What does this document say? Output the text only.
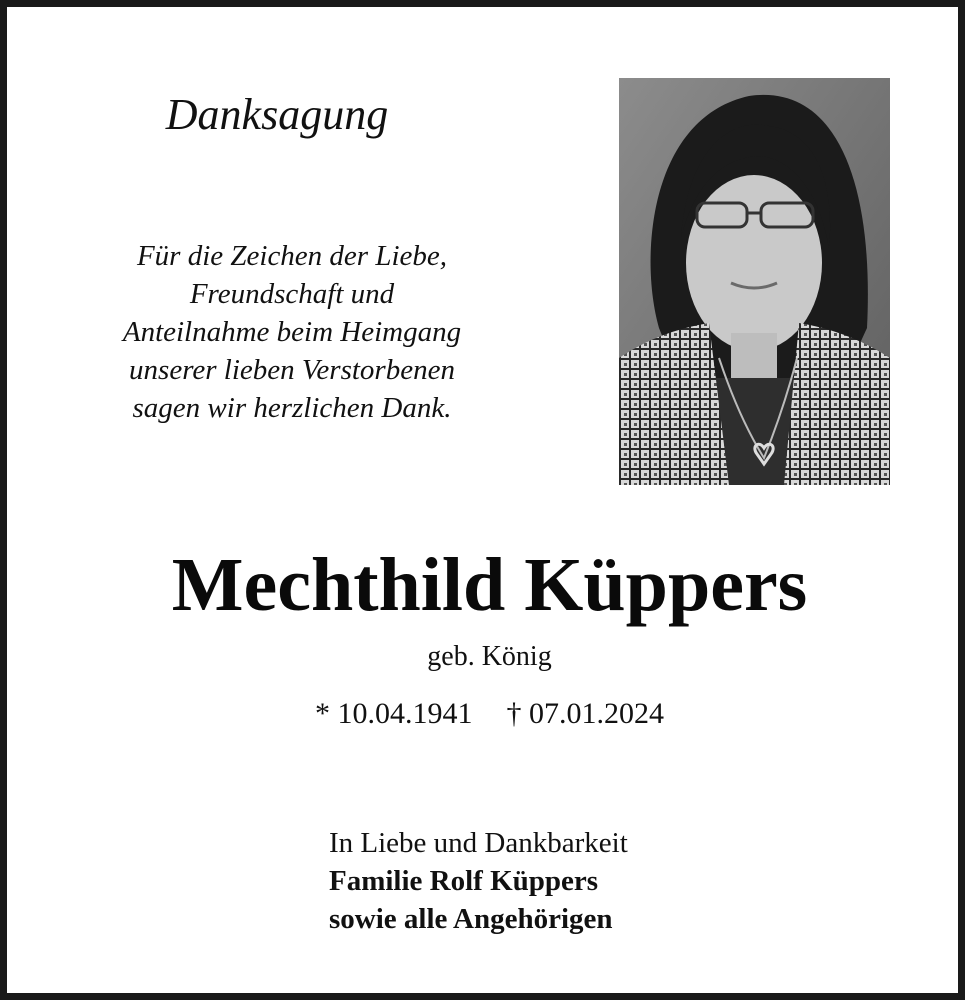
Danksagung
Für die Zeichen der Liebe,
Freundschaft und
Anteilnahme beim Heimgang
unserer lieben Verstorbenen
sagen wir herzlichen Dank.
Mechthild Küppers
geb. König
* 10.04.1941 † 07.01.2024
In Liebe und Dankbarkeit
Familie Rolf Küppers
sowie alle Angehörigen
